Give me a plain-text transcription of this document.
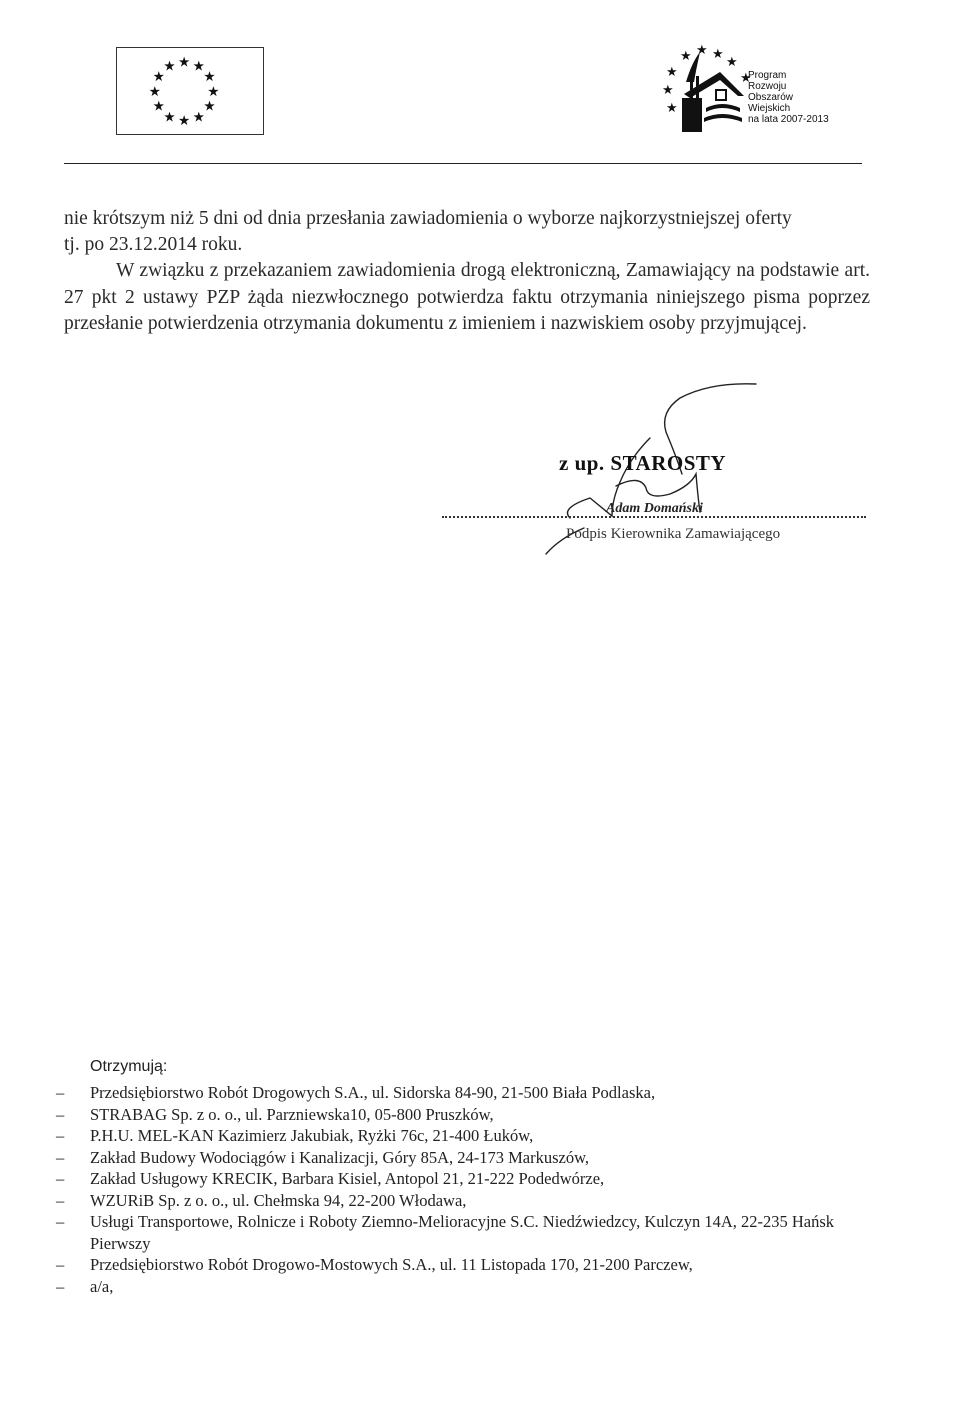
★ ★
★
★
★
★
★
★
★
★
★
★
★ ★ ★
★
★
★
★
★
Program
Rozwoju
Obszarów
Wiejskich
na lata 2007-2013

nie krótszym niż 5 dni od dnia przesłania zawiadomienia o wyborze najkorzystniejszej oferty

tj. po 23.12.2014 roku.

W związku z przekazaniem zawiadomienia drogą elektroniczną, Zamawiający na podstawie art. 27 pkt 2 ustawy PZP żąda niezwłocznego potwierdza faktu otrzymania niniejszego pisma poprzez przesłanie potwierdzenia otrzymania dokumentu z imieniem i nazwiskiem osoby przyjmującej.

z up. STAROSTY
Adam Domański
Podpis Kierownika Zamawiającego
Otrzymują:
–	Przedsiębiorstwo Robót Drogowych S.A., ul. Sidorska 84-90, 21-500 Biała Podlaska,
–	STRABAG Sp. z o. o., ul. Parzniewska10, 05-800 Pruszków,
–	P.H.U. MEL-KAN Kazimierz Jakubiak, Ryżki 76c, 21-400 Łuków,
–	Zakład Budowy Wodociągów i Kanalizacji, Góry 85A, 24-173 Markuszów,
–	Zakład Usługowy KRECIK, Barbara Kisiel, Antopol 21, 21-222 Podedwórze,
–	WZURiB Sp. z o. o., ul. Chełmska 94, 22-200 Włodawa,
–	Usługi Transportowe, Rolnicze i Roboty Ziemno-Melioracyjne S.C. Niedźwiedzcy, Kulczyn 14A, 22-235 Hańsk Pierwszy
–	Przedsiębiorstwo Robót Drogowo-Mostowych S.A., ul. 11 Listopada 170, 21-200 Parczew,
–	a/a,
